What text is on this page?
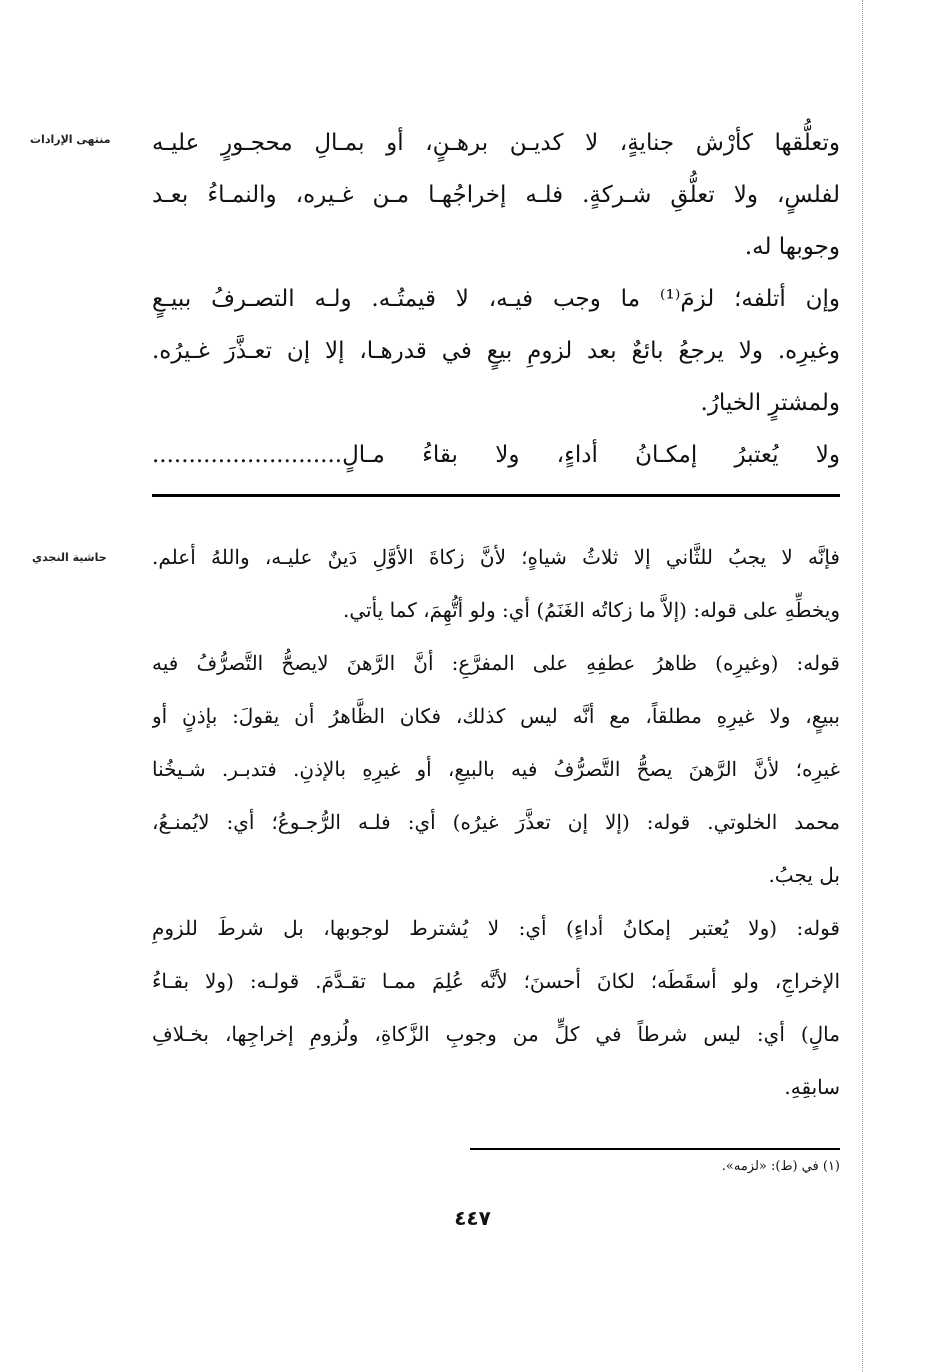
منتهى الإرادات
حاشية النجدي
وتعلُّقها كأرْش جنايةٍ، لا كديـن برهـنٍ، أو بمـالِ محجـورٍ عليـه
لفلسٍ، ولا تعلُّقِ شـركةٍ. فلـه إخراجُهـا مـن غـيره، والنمـاءُ بعـد
وجوبها له.
وإن أتلفه؛ لزمَ⁽¹⁾ ما وجب فيـه، لا قيمتُـه. ولـه التصـرفُ ببيـعٍ
وغيرِه. ولا يرجعُ بائعٌ بعد لزومِ بيعٍ في قدرهـا، إلا إن تعـذَّرَ غـيرُه.
ولمشترٍ الخيارُ.
ولا يُعتبرُ إمكـانُ أداءٍ، ولا بقاءُ مـالٍ..........................
فإنَّه لا يجبُ للثَّاني إلا ثلاثُ شياهٍ؛ لأنَّ زكاةَ الأوَّلِ دَينٌ عليـه، واللهُ أعلم.
ويخطِّهِ على قوله: (إلاَّ ما زكاتُه الغَنَمُ) أي: ولو أتُّهِمَ، كما يأتي.
قوله: (وغيرِه) ظاهرُ عطفِهِ على المفرَّعِ: أنَّ الرَّهنَ لايصحُّ التَّصرُّفُ فيه
ببيعٍ، ولا غيرِهِ مطلقاً، مع أنَّه ليس كذلك، فكان الظَّاهرُ أن يقولَ: بإذنٍ أو
غيرِه؛ لأنَّ الرَّهنَ يصحُّ التَّصرُّفُ فيه بالبيعِ، أو غيرِهِ بالإذنِ. فتدبـر. شـيخُنا
محمد الخلوتي. قوله: (إلا إن تعذَّرَ غيرُه) أي: فلـه الرُّجـوعُ؛ أي: لايُمنـعُ،
بل يجبُ.
قوله: (ولا يُعتبر إمكانُ أداءٍ) أي: لا يُشترط لوجوبها، بل شرطَ للزومِ
الإخراجِ، ولو أسقَطَه؛ لكانَ أحسنَ؛ لأنَّه عُلِمَ ممـا تقـدَّمَ. قولـه: (ولا بقـاءُ
مالٍ) أي: ليس شرطاً في كلٍّ من وجوبِ الزَّكاةِ، ولُزومِ إخراجِها، بخـلافِ
سابقِهِ.
(١) في (ط): «لزمه».
٤٤٧
